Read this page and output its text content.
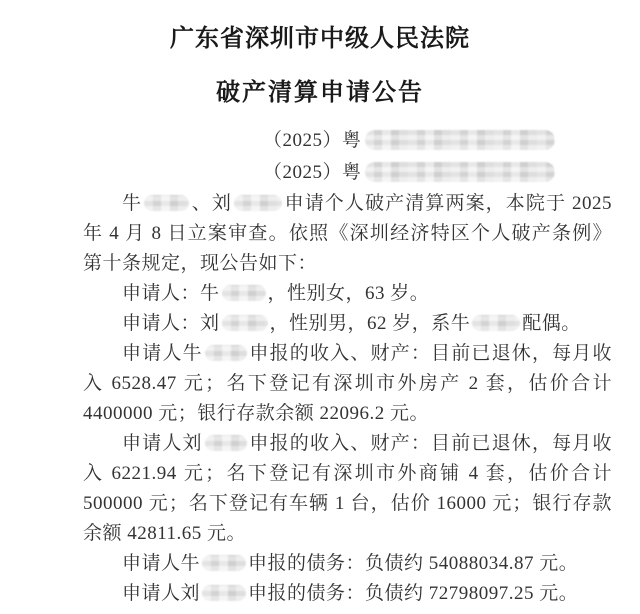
广东省深圳市中级人民法院
破产清算申请公告
（2025）粤
（2025）粤
牛	、刘	申请个人破产清算两案，本院于 2025
年 4 月 8 日立案审查。依照《深圳经济特区个人破产条例》
第十条规定，现公告如下：
申请人：牛	，性别女，63 岁。
申请人：刘	，性别男，62 岁，系牛	配偶。
申请人牛 申报的收入、财产：目前已退休，每月收
入 6528.47 元；名下登记有深圳市外房产 2 套，估价合计
4400000 元；银行存款余额 22096.2 元。
申请人刘 申报的收入、财产：目前已退休，每月收
入 6221.94 元；名下登记有深圳市外商铺 4 套，估价合计
500000 元；名下登记有车辆 1 台，估价 16000 元；银行存款
余额 42811.65 元。
申请人牛	申报的债务：负债约 54088034.87 元。
申请人刘	申报的债务：负债约 72798097.25 元。
